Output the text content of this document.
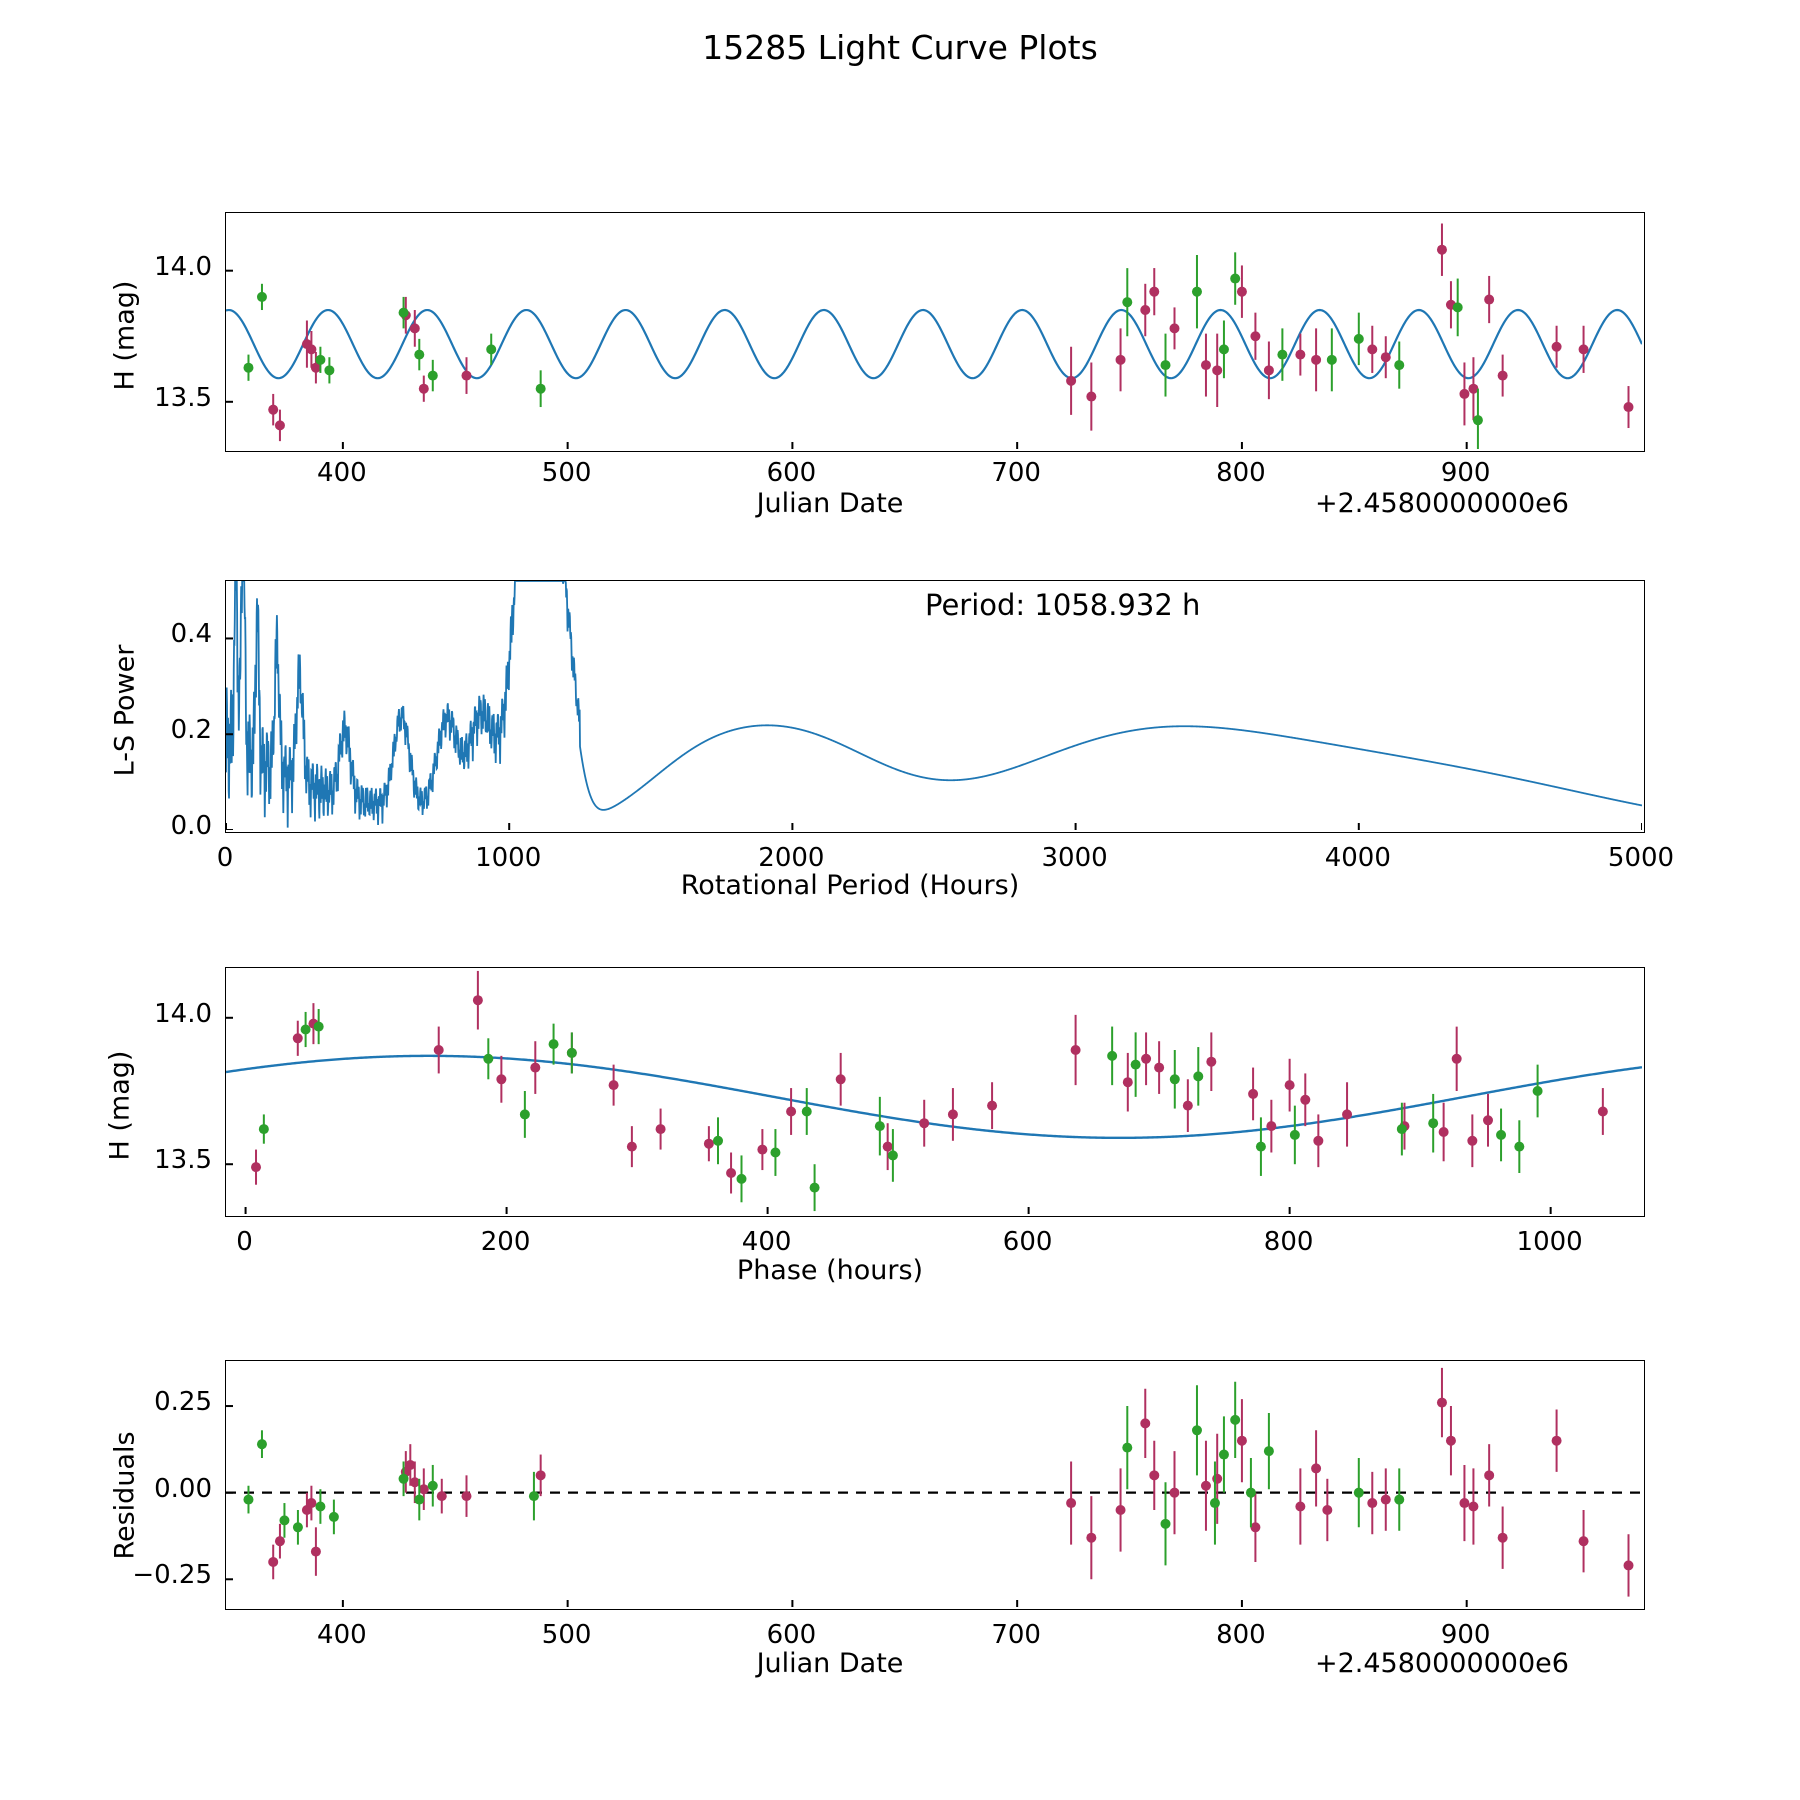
15285 Light Curve Plots
H (mag)
Julian Date	+2.4580000000e6
400	500	600	700	800	900
13.5
14.0
L-S Power
Rotational Period (Hours)
Period: 1058.932 h
0	1000	2000	3000	4000	5000
0.0
0.2
0.4
H (mag)
Phase (hours)
0	200	400	600	800	1000
13.5
14.0
Residuals
Julian Date	+2.4580000000e6
400	500	600	700	800	900
−0.25
0.00
0.25
